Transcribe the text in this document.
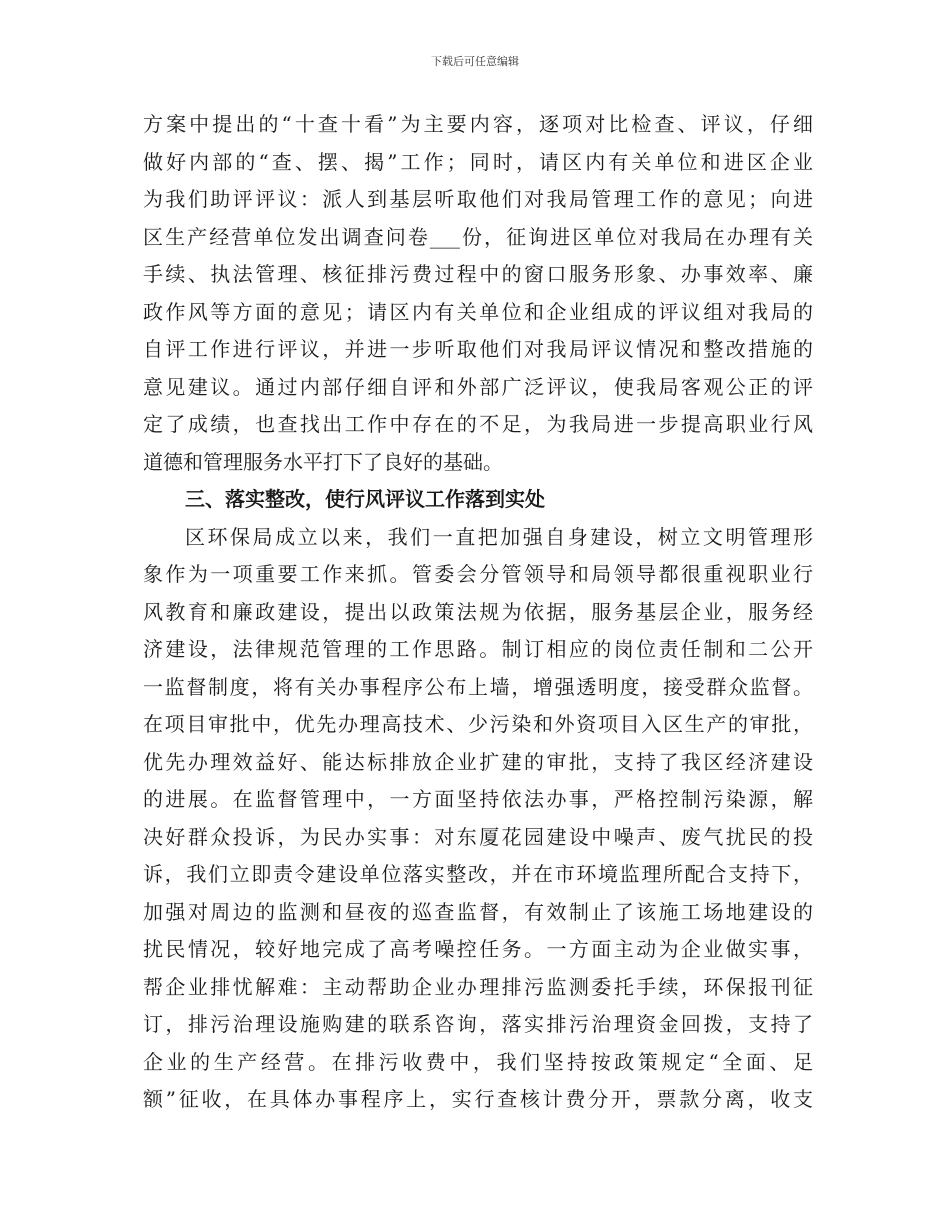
下载后可任意编辑
方案中提出的“十查十看”为主要内容，逐项对比检查、评议，仔细
做好内部的“查、摆、揭”工作；同时，请区内有关单位和进区企业
为我们助评评议：派人到基层听取他们对我局管理工作的意见；向进
区生产经营单位发出调查问卷___份，征询进区单位对我局在办理有关
手续、执法管理、核征排污费过程中的窗口服务形象、办事效率、廉
政作风等方面的意见；请区内有关单位和企业组成的评议组对我局的
自评工作进行评议，并进一步听取他们对我局评议情况和整改措施的
意见建议。通过内部仔细自评和外部广泛评议，使我局客观公正的评
定了成绩，也查找出工作中存在的不足，为我局进一步提高职业行风
道德和管理服务水平打下了良好的基础。
三、落实整改，使行风评议工作落到实处
区环保局成立以来，我们一直把加强自身建设，树立文明管理形
象作为一项重要工作来抓。管委会分管领导和局领导都很重视职业行
风教育和廉政建设，提出以政策法规为依据，服务基层企业，服务经
济建设，法律规范管理的工作思路。制订相应的岗位责任制和二公开
一监督制度，将有关办事程序公布上墙，增强透明度，接受群众监督。
在项目审批中，优先办理高技术、少污染和外资项目入区生产的审批，
优先办理效益好、能达标排放企业扩建的审批，支持了我区经济建设
的进展。在监督管理中，一方面坚持依法办事，严格控制污染源，解
决好群众投诉，为民办实事：对东厦花园建设中噪声、废气扰民的投
诉，我们立即责令建设单位落实整改，并在市环境监理所配合支持下，
加强对周边的监测和昼夜的巡查监督，有效制止了该施工场地建设的
扰民情况，较好地完成了高考噪控任务。一方面主动为企业做实事，
帮企业排忧解难：主动帮助企业办理排污监测委托手续，环保报刊征
订，排污治理设施购建的联系咨询，落实排污治理资金回拨，支持了
企业的生产经营。在排污收费中，我们坚持按政策规定“全面、足
额”征收，在具体办事程序上，实行查核计费分开，票款分离，收支
